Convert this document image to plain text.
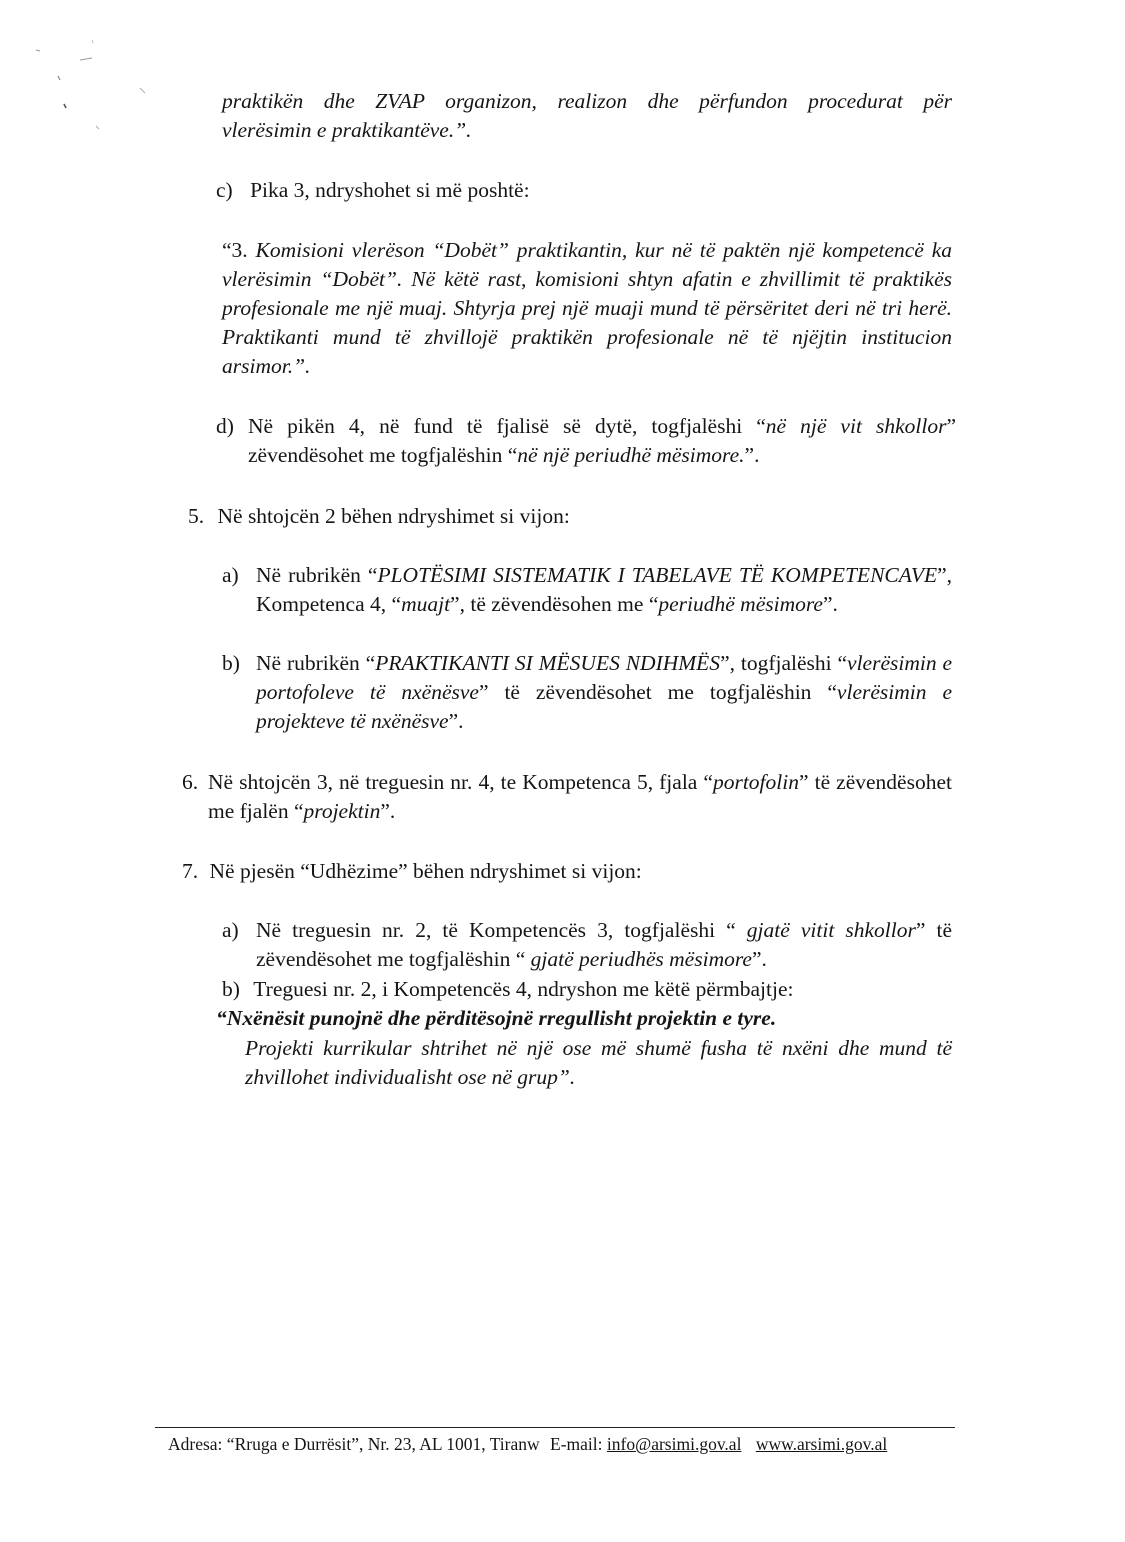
praktikën dhe ZVAP organizon, realizon dhe përfundon procedurat për
vlerësimin e praktikantëve.”.
c) Pika 3, ndryshohet si më poshtë:
“3. Komisioni vlerëson “Dobët” praktikantin, kur në të paktën një kompetencë ka vlerësimin “Dobët”. Në këtë rast, komisioni shtyn afatin e zhvillimit të praktikës profesionale me një muaj. Shtyrja prej një muaji mund të përsëritet deri në tri herë. Praktikanti mund të zhvillojë praktikën profesionale në të njëjtin institucion arsimor.”.
d) Në pikën 4, në fund të fjalisë së dytë, togfjalëshi “në një vit shkollor” zëvendësohet me togfjalëshin “në një periudhë mësimore.”.
5. Në shtojcën 2 bëhen ndryshimet si vijon:
a) Në rubrikën “PLOTËSIMI SISTEMATIK I TABELAVE TË KOMPETENCAVE”, Kompetenca 4, “muajt”, të zëvendësohen me “periudhë mësimore”.
b) Në rubrikën “PRAKTIKANTI SI MËSUES NDIHMËS”, togfjalëshi “vlerësimin e portofoleve të nxënësve” të zëvendësohet me togfjalëshin “vlerësimin e projekteve të nxënësve”.
6. Në shtojcën 3, në treguesin nr. 4, te Kompetenca 5, fjala “portofolin” të zëvendësohet me fjalën “projektin”.
7. Në pjesën “Udhëzime” bëhen ndryshimet si vijon:
a) Në treguesin nr. 2, të Kompetencës 3, togfjalëshi “ gjatë vitit shkollor” të zëvendësohet me togfjalëshin “ gjatë periudhës mësimore”.
b) Treguesi nr. 2, i Kompetencës 4, ndryshon me këtë përmbajtje:
“Nxënësit punojnë dhe përditësojnë rregullisht projektin e tyre.
Projekti kurrikular shtrihet në një ose më shumë fusha të nxëni dhe mund të zhvillohet individualisht ose në grup”.
Adresa: “Rruga e Durrësit”, Nr. 23, AL 1001, Tiranw E-mail: info@arsimi.gov.al www.arsimi.gov.al
